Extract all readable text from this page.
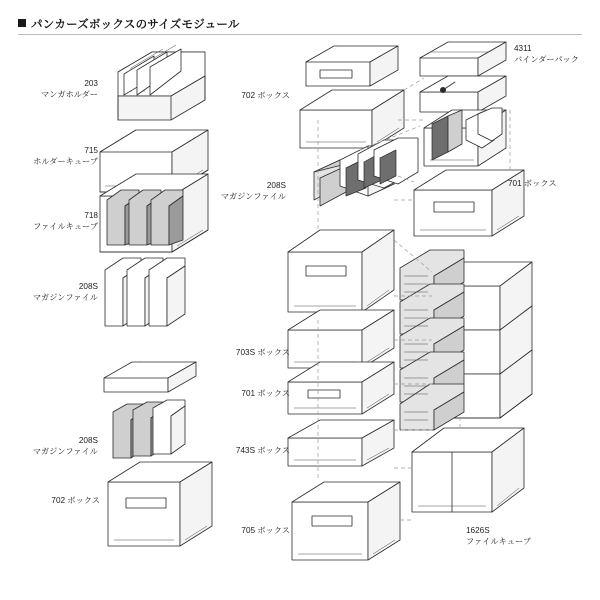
パンカーズボックスのサイズモジュール
203
マンガホルダー
715
ホルダーキューブ
718
ファイルキューブ
208S
マガジンファイル
208S
マガジンファイル
702 ボックス
702 ボックス
208S
マガジンファイル
703S ボックス
701 ボックス
743S ボックス
705 ボックス
4311
バインダーパック
701 ボックス
1626S
ファイルキューブ
